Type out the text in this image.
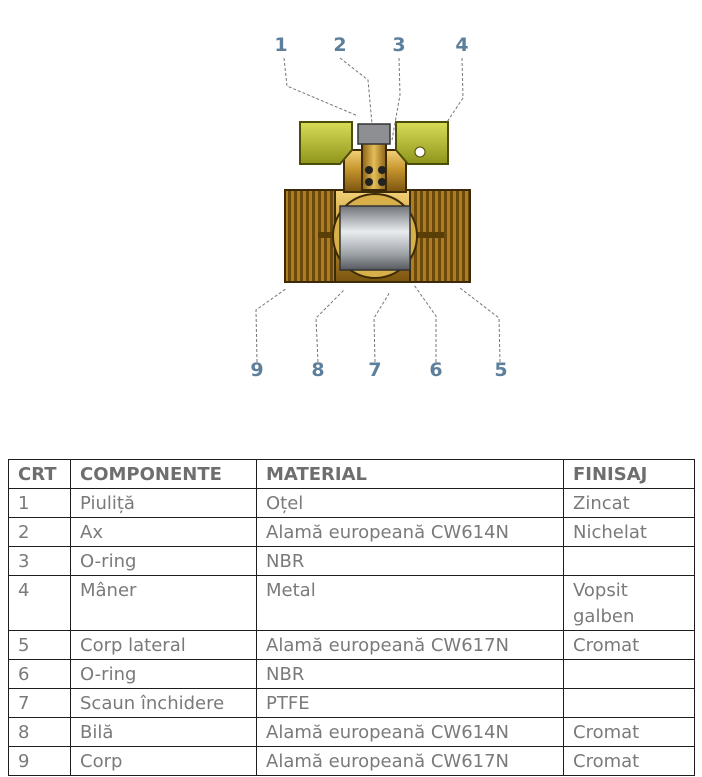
1 2 3	4
9	8 7	6	5
CRT	COMPONENTE	MATERIAL	FINISAJ
1	Piuliță	Oțel	Zincat
2	Ax	Alamă europeană CW614N	Nichelat
3	O-ring	NBR	
4	Mâner	Metal	Vopsit galben
5	Corp lateral	Alamă europeană CW617N	Cromat
6	O-ring	NBR	
7	Scaun închidere	PTFE	
8	Bilă	Alamă europeană CW614N	Cromat
9	Corp	Alamă europeană CW617N	Cromat
